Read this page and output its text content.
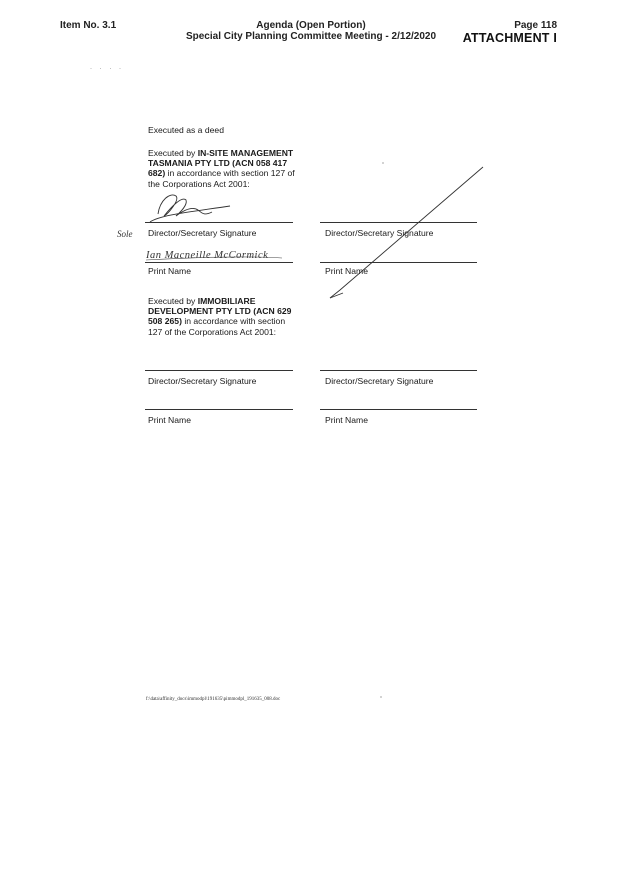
Item No. 3.1	Agenda (Open Portion)
Special City Planning Committee Meeting - 2/12/2020
Page 118
ATTACHMENT I
· · · ·
Executed as a deed
Executed by IN-SITE MANAGEMENT TASMANIA PTY LTD (ACN 058 417 682) in accordance with section 127 of the Corporations Act 2001:
Sole Director/Secretary Signature	Director/Secretary Signature
Ian Macneille McCormick
Print Name	Print Name
Executed by IMMOBILIARE DEVELOPMENT PTY LTD (ACN 629 508 265) in accordance with section 127 of the Corporations Act 2001:
Director/Secretary Signature	Director/Secretary Signature
Print Name	Print Name
f:\data\affinity_docs\immodpl\191635\pimmodpl_191635_008.doc
